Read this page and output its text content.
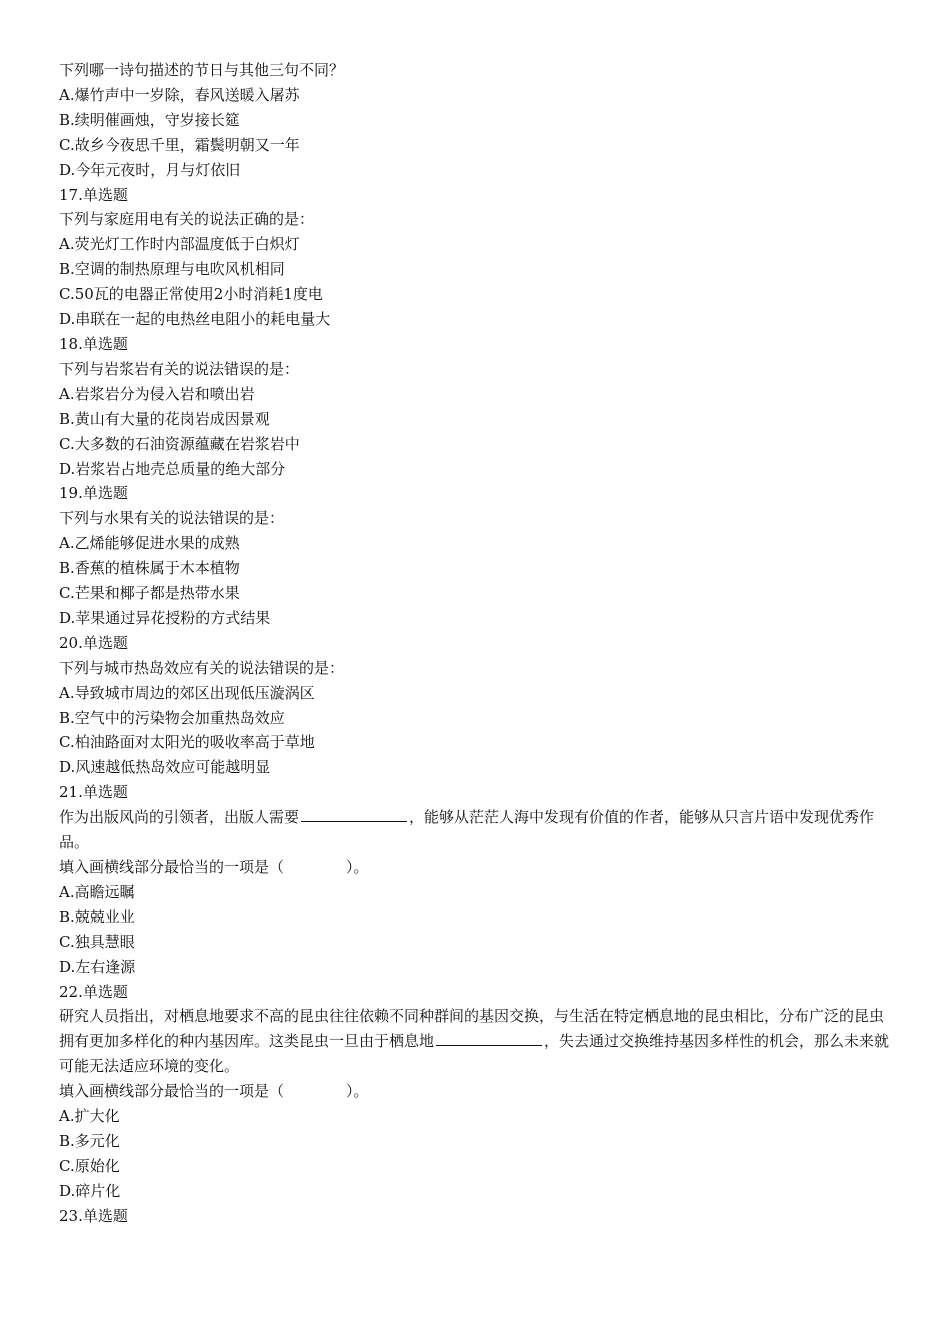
下列哪一诗句描述的节日与其他三句不同？
A.爆竹声中一岁除，春风送暖入屠苏
B.续明催画烛，守岁接长筵
C.故乡今夜思千里，霜鬓明朝又一年
D.今年元夜时，月与灯依旧
17.单选题
下列与家庭用电有关的说法正确的是：
A.荧光灯工作时内部温度低于白炽灯
B.空调的制热原理与电吹风机相同
C.50瓦的电器正常使用2小时消耗1度电
D.串联在一起的电热丝电阻小的耗电量大
18.单选题
下列与岩浆岩有关的说法错误的是：
A.岩浆岩分为侵入岩和喷出岩
B.黄山有大量的花岗岩成因景观
C.大多数的石油资源蕴藏在岩浆岩中
D.岩浆岩占地壳总质量的绝大部分
19.单选题
下列与水果有关的说法错误的是：
A.乙烯能够促进水果的成熟
B.香蕉的植株属于木本植物
C.芒果和椰子都是热带水果
D.苹果通过异花授粉的方式结果
20.单选题
下列与城市热岛效应有关的说法错误的是：
A.导致城市周边的郊区出现低压漩涡区
B.空气中的污染物会加重热岛效应
C.柏油路面对太阳光的吸收率高于草地
D.风速越低热岛效应可能越明显
21.单选题
作为出版风尚的引领者，出版人需要	，能够从茫茫人海中发现有价值的作者，能够从只言片语中发现优秀作品。
填入画横线部分最恰当的一项是（	）。
A.高瞻远瞩
B.兢兢业业
C.独具慧眼
D.左右逢源
22.单选题
研究人员指出，对栖息地要求不高的昆虫往往依赖不同种群间的基因交换，与生活在特定栖息地的昆虫相比，分布广泛的昆虫拥有更加多样化的种内基因库。这类昆虫一旦由于栖息地	，失去通过交换维持基因多样性的机会，那么未来就可能无法适应环境的变化。
填入画横线部分最恰当的一项是（	）。
A.扩大化
B.多元化
C.原始化
D.碎片化
23.单选题
